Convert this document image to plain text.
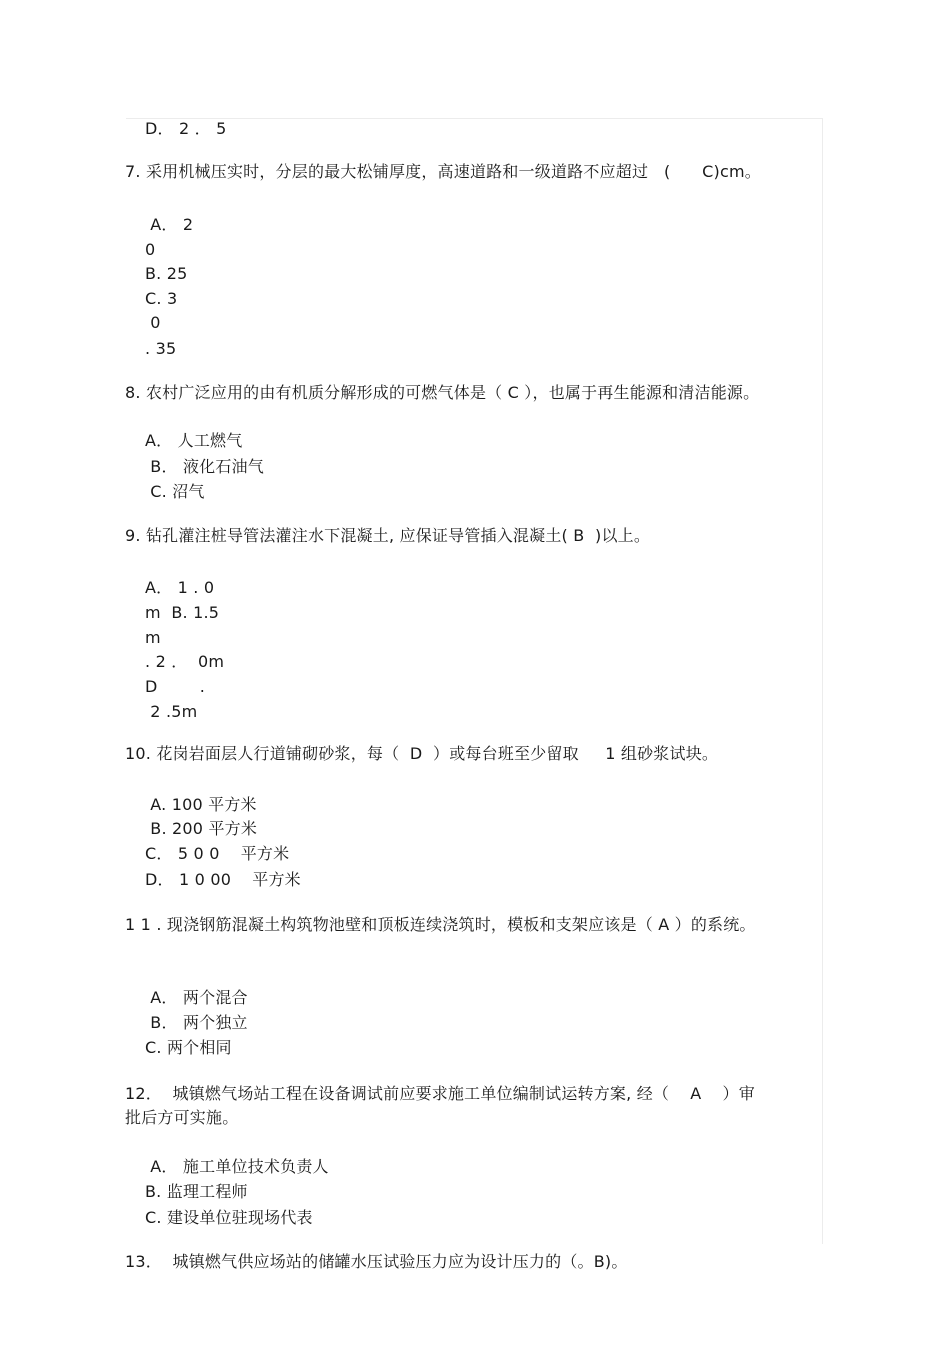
D． 2 ． 5
7. 采用机械压实时，分层的最大松铺厚度，高速道路和一级道路不应超过   (      C)cm。
A． 2
0
B. 25
C. 3
0
. 35
8. 农村广泛应用的由有机质分解形成的可燃气体是（ C ），也属于再生能源和清洁能源。
A． 人工燃气
B． 液化石油气
C. 沼气
9. 钻孔灌注桩导管法灌注水下混凝土, 应保证导管插入混凝土( B  )以上。
A． 1 . 0
m  B. 1.5
m
. 2 ．  0m
D        .
2 .5m
10. 花岗岩面层人行道铺砌砂浆，每（  D  ）或每台班至少留取     1 组砂浆试块。
A. 100 平方米
B. 200 平方米
C． 5 0 0    平方米
D． 1 0 00    平方米
1 1 . 现浇钢筋混凝土构筑物池壁和顶板连续浇筑时，模板和支架应该是（ A ）的系统。
A． 两个混合
B． 两个独立
C. 两个相同
12．  城镇燃气场站工程在设备调试前应要求施工单位编制试运转方案, 经（    A    ）审
批后方可实施。
A． 施工单位技术负责人
B. 监理工程师
C. 建设单位驻现场代表
13．  城镇燃气供应场站的储罐水压试验压力应为设计压力的（。B)。
